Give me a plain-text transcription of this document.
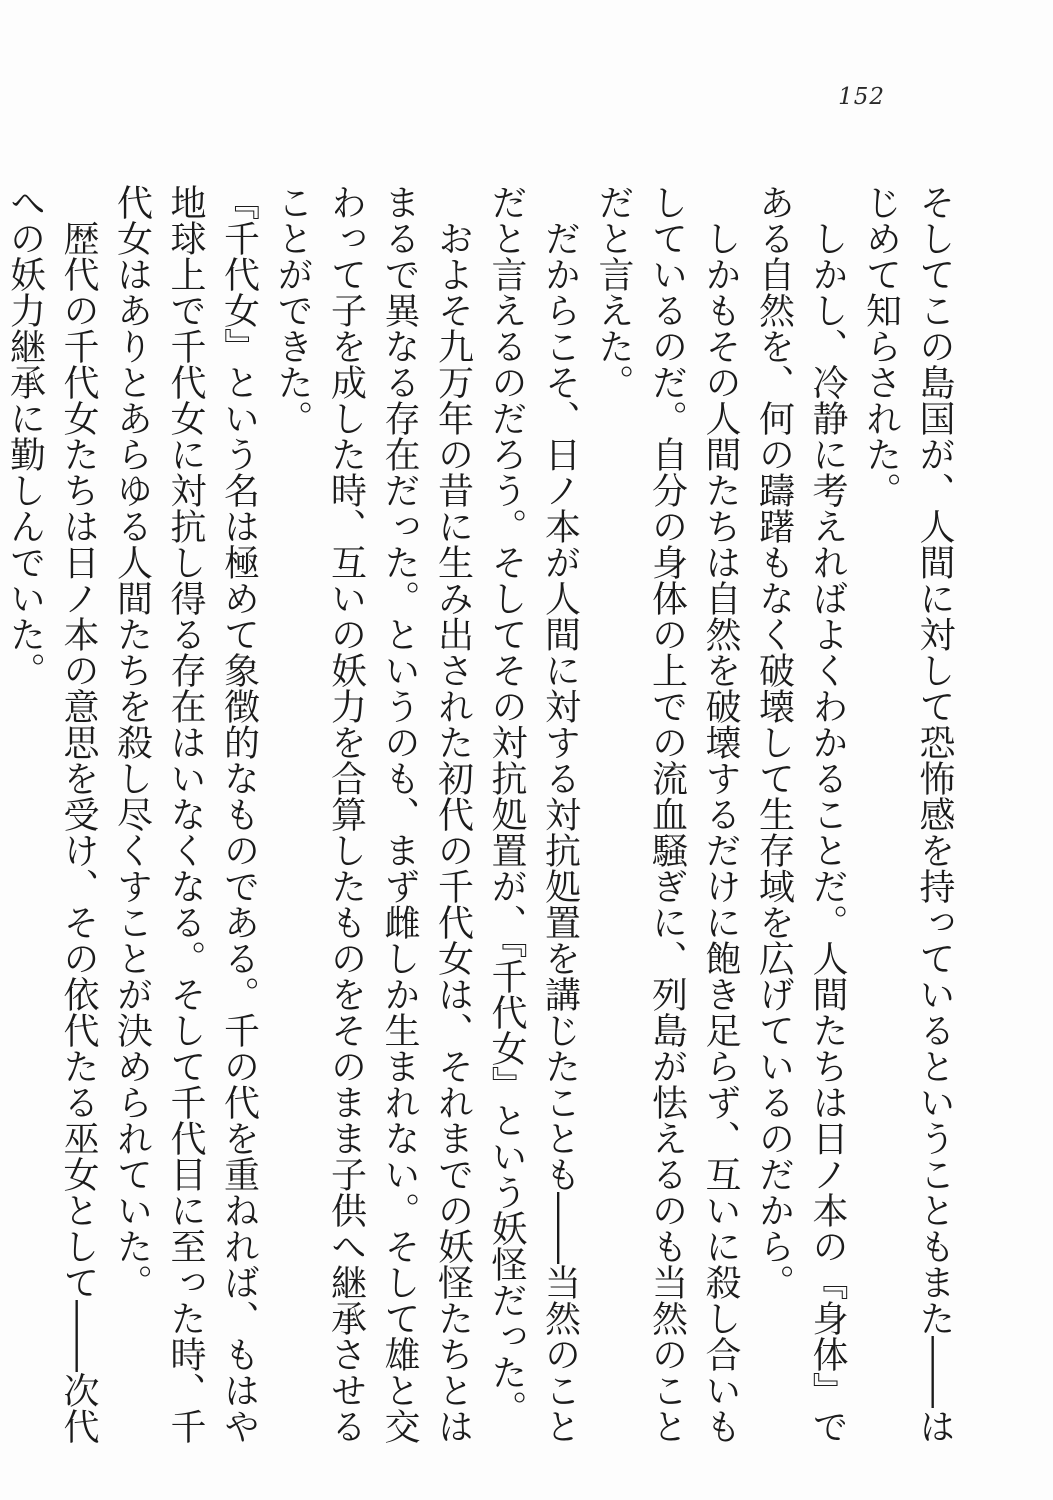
152

そしてこの島国が、人間に対して恐怖感を持っているということもまた――はじめて知らされた。

しかし、冷静に考えればよくわかることだ。人間たちは日ノ本の『身体』である自然を、何の躊躇もなく破壊して生存域を広げているのだから。

しかもその人間たちは自然を破壊するだけに飽き足らず、互いに殺し合いもしているのだ。自分の身体の上での流血騒ぎに、列島が怯えるのも当然のことだと言えた。

だからこそ、日ノ本が人間に対する対抗処置を講じたことも――当然のことだと言えるのだろう。そしてその対抗処置が、『千代女』という妖怪だった。

およそ九万年の昔に生み出された初代の千代女は、それまでの妖怪たちとはまるで異なる存在だった。というのも、まず雌しか生まれない。そして雄と交わって子を成した時、互いの妖力を合算したものをそのまま子供へ継承させることができた。

『千代女』という名は極めて象徴的なものである。千の代を重ねれば、もはや地球上で千代女に対抗し得る存在はいなくなる。そして千代目に至った時、千代女はありとあらゆる人間たちを殺し尽くすことが決められていた。

歴代の千代女たちは日ノ本の意思を受け、その依代たる巫女として――次代への妖力継承に勤しんでいた。
